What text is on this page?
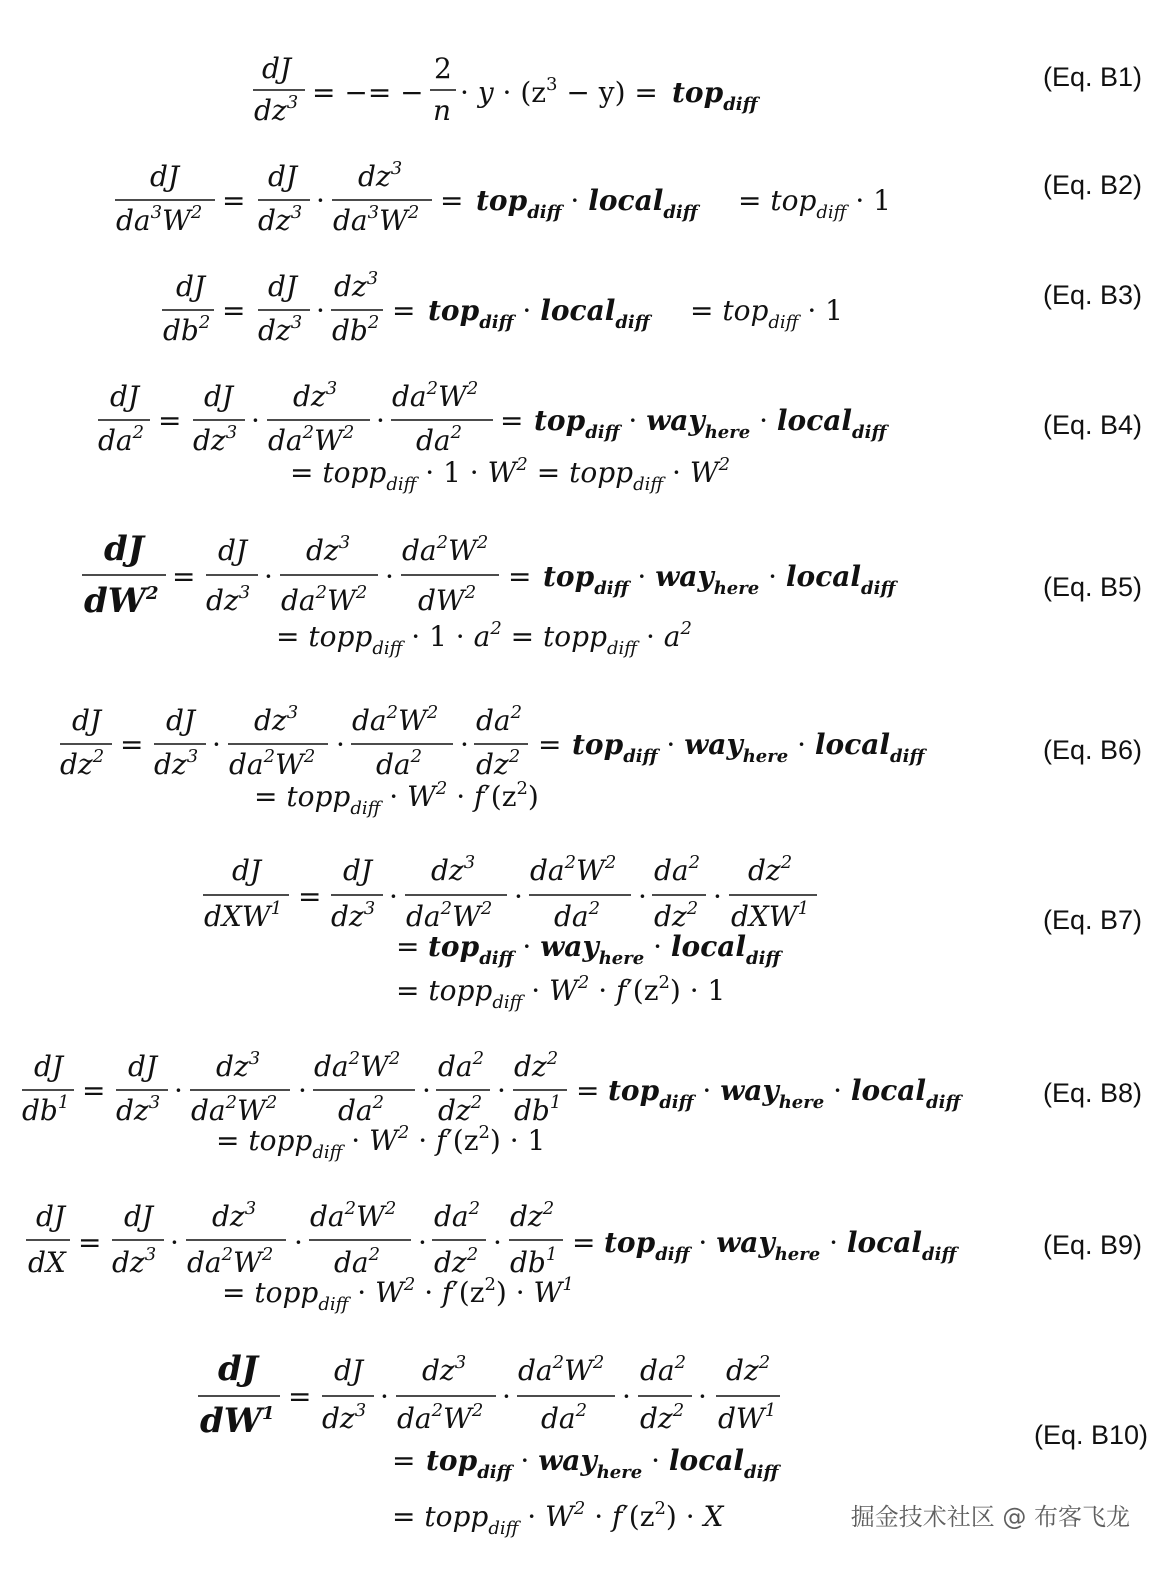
dJ
$dz^3$ = −= −
2
n
· $y \cdot (z^3 - y) = top_{diff}$
dJ
$da^3W^2$ =
dJ
$dz^3$ ·
$dz^3$
$da^3W^2 = top_{diff}$ · local$_{diff}$ = top$_{diff}$ · 1
dJ
$db^2$ =
dJ
$dz^3$ ·
$dz^3$
$db^2 = top_{diff}$ · local$_{diff}$ = top$_{diff}$ · 1
dJ
$da^2$ =
dJ
$dz^3$ ·
$dz^3$
$da^2W^2$ ·
$da^2W^2$
$da^2 = top_{diff} \cdot way_{here}$ · local$_{diff}$
= topp$_{diff}$ · $1 \cdot W^2$ = topp$_{diff}$ · $W^2$
dJ
$dW^2$
=
dJ
$dz^3$ ·
$dz^3$
$da^2W^2$ ·
$da^2W^2$
$dW^2 = top_{diff} \cdot way_{here}$ · local$_{diff}$
= topp$_{diff}$ · $1 \cdot a^2$ = topp$_{diff}$ · $a^2$
dJ
$dz^2$ =
dJ
$dz^3$ ·
$dz^3$
$da^2W^2$ ·
$da^2W^2$
$da^2$ ·
$da^2$
$dz^2 = top_{diff} \cdot way_{here}$ · local$_{diff}$
= topp$_{diff}$ · $W^2 \cdot f'(z^2)$
dJ
dXW$^1$ =
dJ
$dz^3$ ·
$dz^3$
$da^2W^2$ ·
$da^2W^2$
$da^2$ ·
$da^2$
$dz^2$ ·
$dz^2$
dXW$^1$
= top$_{diff}$ · way$_{here}$ · local$_{diff}$
= topp$_{diff}$ · $W^2 \cdot f'(z^2) \cdot 1$
dJ
$db^1$ =
dJ
$dz^3$ ·
$dz^3$
$da^2W^2$ ·
$da^2W^2$
$da^2$ ·
$da^2$
$dz^2$ ·
$dz^2$
$db^1 = top_{diff} \cdot way_{here}$ · local$_{diff}$
= topp$_{diff}$ · $W^2 \cdot f'(z^2) \cdot 1$
dJ
dX
=
dJ
$dz^3$ ·
$dz^3$
$da^2W^2$ ·
$da^2W^2$
$da^2$ ·
$da^2$
$dz^2$ ·
$dz^2$
$db^1 = top_{diff} \cdot way_{here}$ · local$_{diff}$
= topp$_{diff}$ · $W^2 \cdot f'(z^2) \cdot W^1$
dJ
$dW^1$
=
dJ
$dz^3$ ·
$dz^3$
$da^2W^2$ ·
$da^2W^2$
$da^2$ ·
$da^2$
$dz^2$ ·
$dz^2$
$dW^1$
= top$_{diff}$ · way$_{here}$ · local$_{diff}$
= topp$_{diff}$ · $W^2 \cdot f'(z^2) \cdot X$
(Eq. B1)
(Eq. B2)
(Eq. B3)
(Eq. B4)
(Eq. B5)
(Eq. B6)
(Eq. B7)
(Eq. B8)
(Eq. B9)
(Eq. B10)
掘金技术社区 @ 布客飞龙
